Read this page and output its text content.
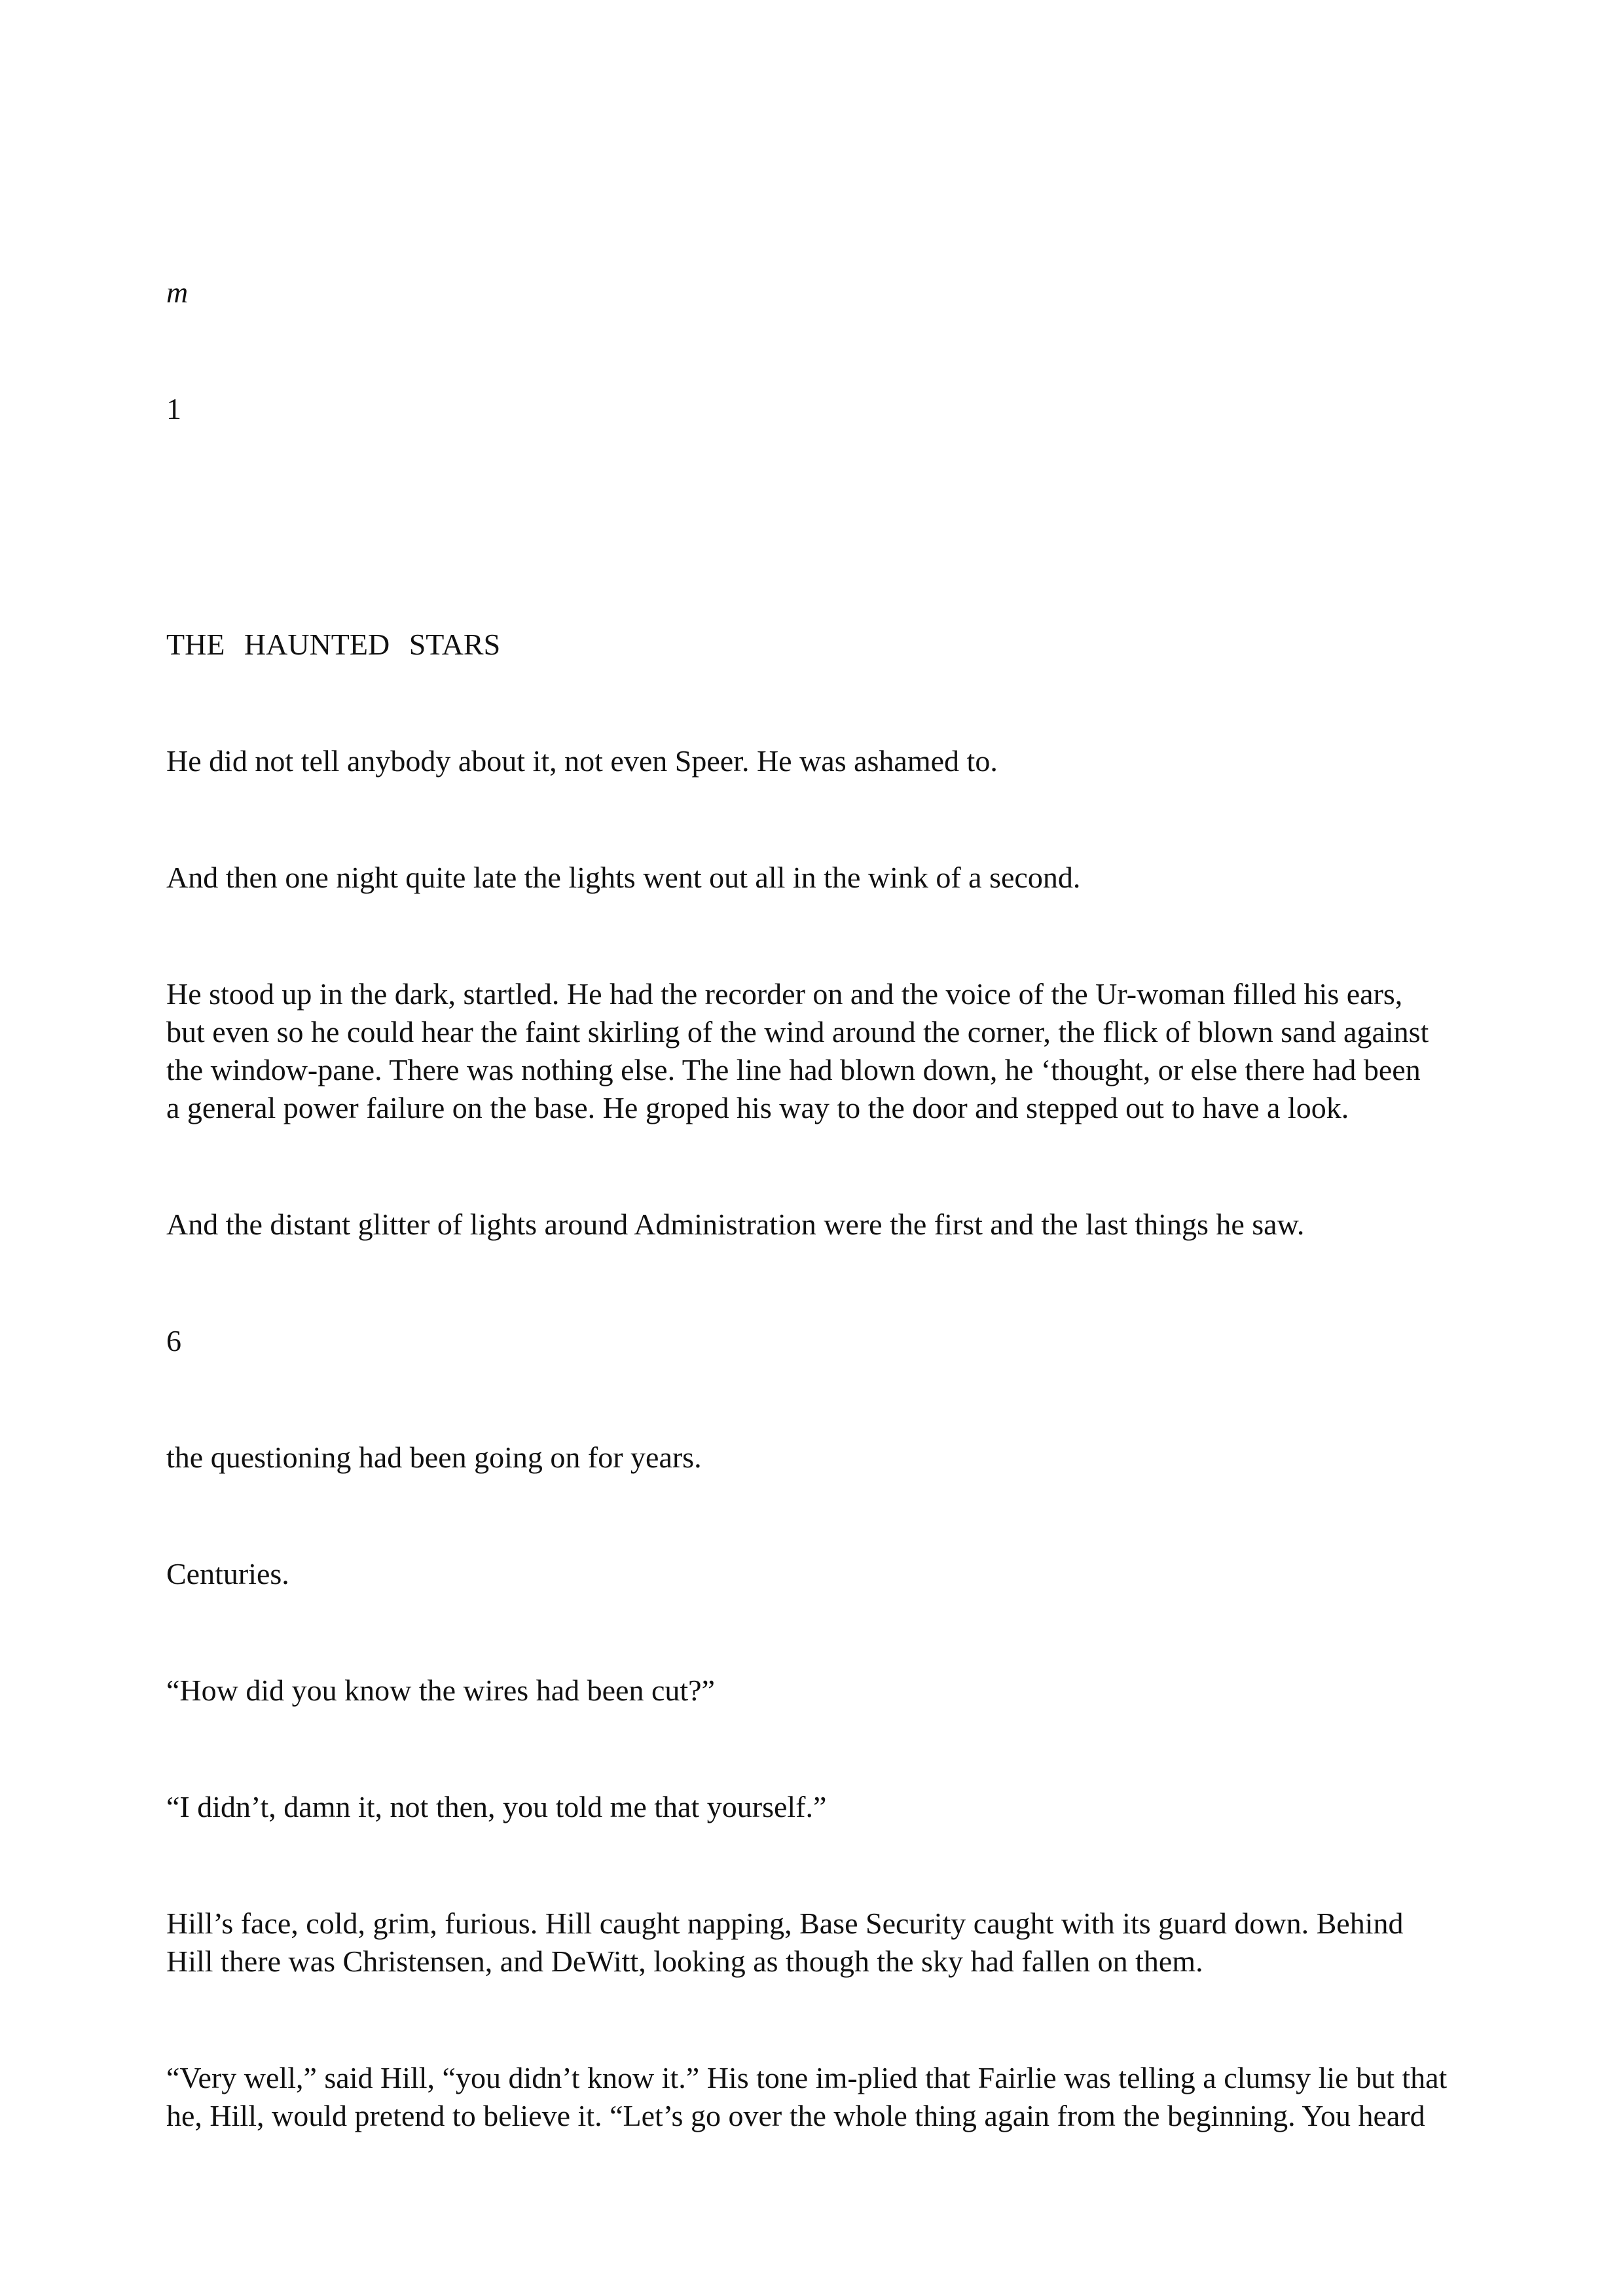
m

1

THE HAUNTED STARS

He did not tell anybody about it, not even Speer. He was ashamed to.

And then one night quite late the lights went out all in the wink of a second.

He stood up in the dark, startled. He had the recorder on and the voice of the Ur-woman filled his ears,

but even so he could hear the faint skirling of the wind around the corner, the flick of blown sand against

the window-pane. There was nothing else. The line had blown down, he ‘thought, or else there had been

a general power failure on the base. He groped his way to the door and stepped out to have a look.

And the distant glitter of lights around Administration were the first and the last things he saw.

6

the questioning had been going on for years.

Centuries.

“How did you know the wires had been cut?”

“I didn’t, damn it, not then, you told me that yourself.”

Hill’s face, cold, grim, furious. Hill caught napping, Base Security caught with its guard down. Behind

Hill there was Christensen, and DeWitt, looking as though the sky had fallen on them.

“Very well,” said Hill, “you didn’t know it.” His tone im-plied that Fairlie was telling a clumsy lie but that

he, Hill, would pretend to believe it. “Let’s go over the whole thing again from the beginning. You heard
